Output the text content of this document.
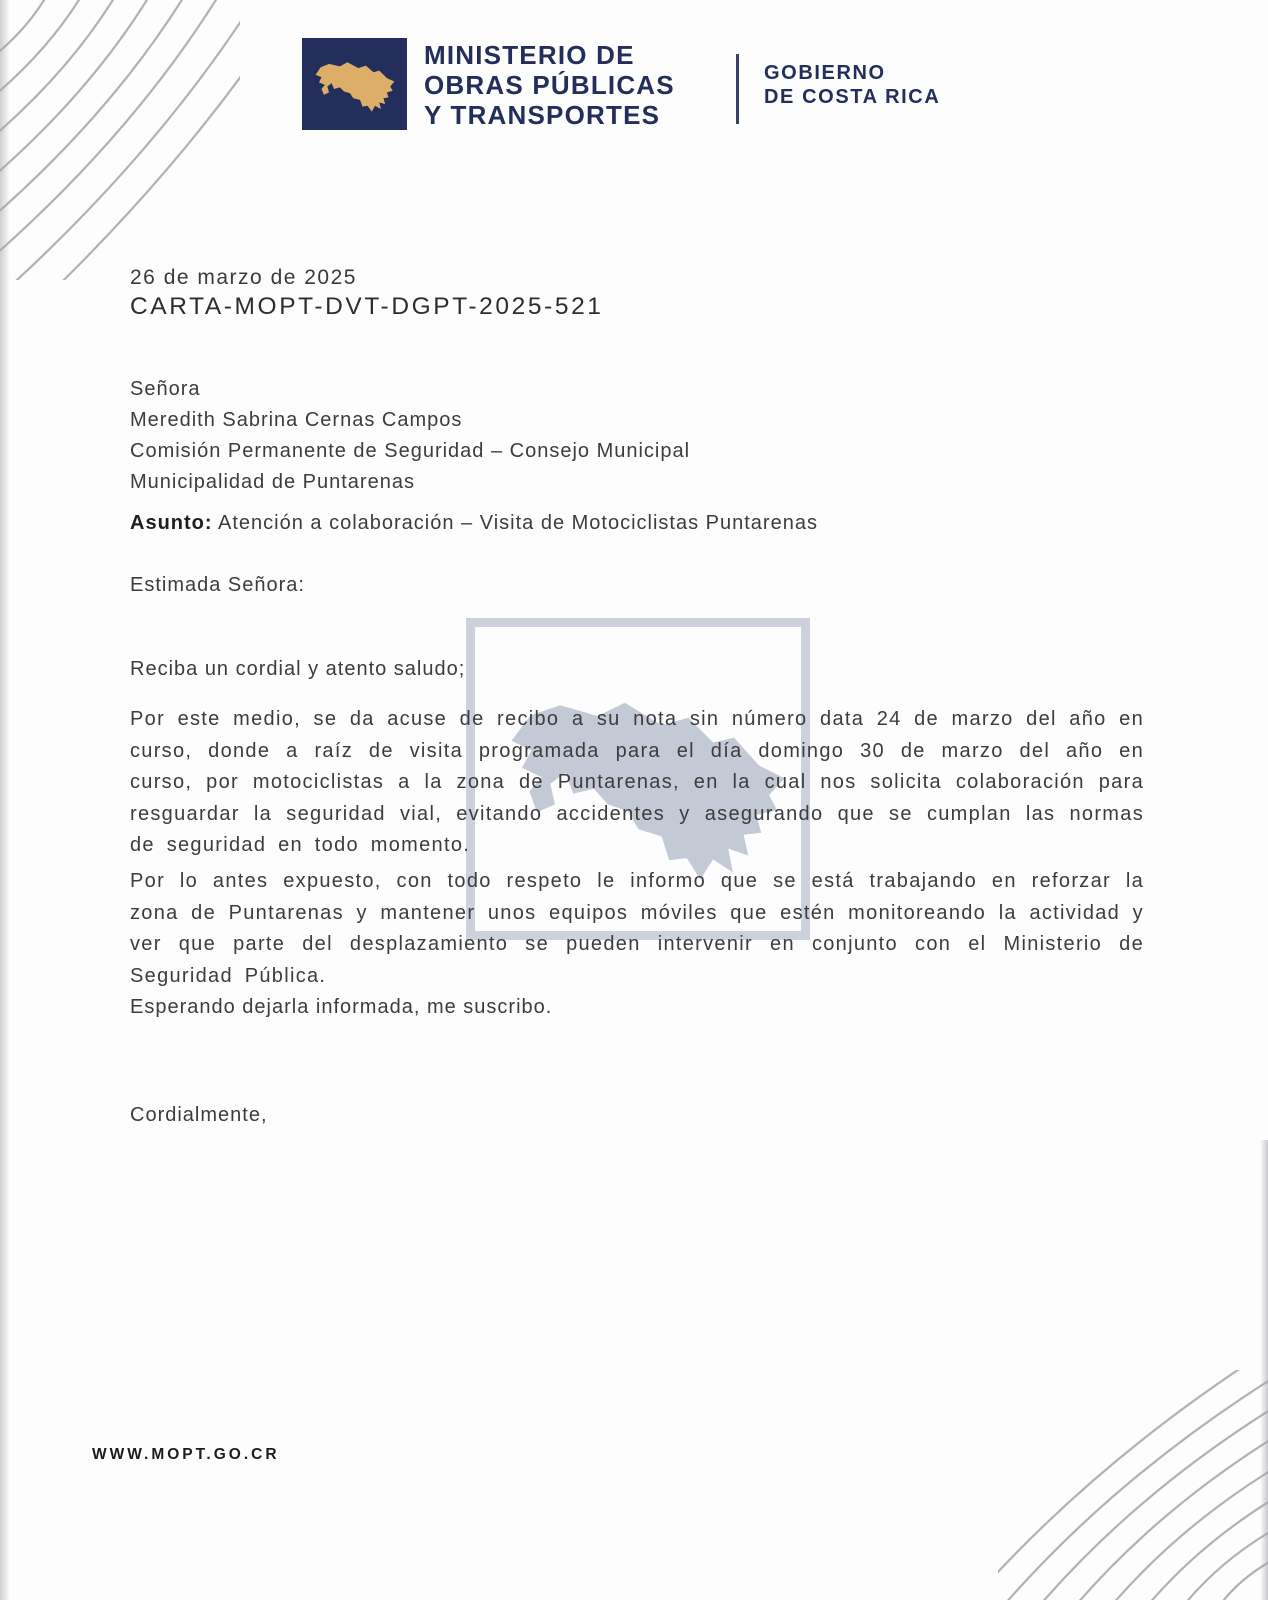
MINISTERIO DE
OBRAS PÚBLICAS
Y TRANSPORTES
GOBIERNO
DE COSTA RICA
26 de marzo de 2025
CARTA-MOPT-DVT-DGPT-2025-521
Señora
Meredith Sabrina Cernas Campos
Comisión Permanente de Seguridad – Consejo Municipal
Municipalidad de Puntarenas
Asunto: Atención a colaboración – Visita de Motociclistas Puntarenas
Estimada Señora:
Reciba un cordial y atento saludo;
Por este medio, se da acuse de recibo a su nota sin número data 24 de marzo del año en curso, donde a raíz de visita programada para el día domingo 30 de marzo del año en curso, por motociclistas a la zona de Puntarenas, en la cual nos solicita colaboración para resguardar la seguridad vial, evitando accidentes y asegurando que se cumplan las normas de seguridad en todo momento.
Por lo antes expuesto, con todo respeto le informo que se está trabajando en reforzar la zona de Puntarenas y mantener unos equipos móviles que estén monitoreando la actividad y ver que parte del desplazamiento se pueden intervenir en conjunto con el Ministerio de Seguridad Pública.
Esperando dejarla informada, me suscribo.
Cordialmente,
WWW.MOPT.GO.CR
